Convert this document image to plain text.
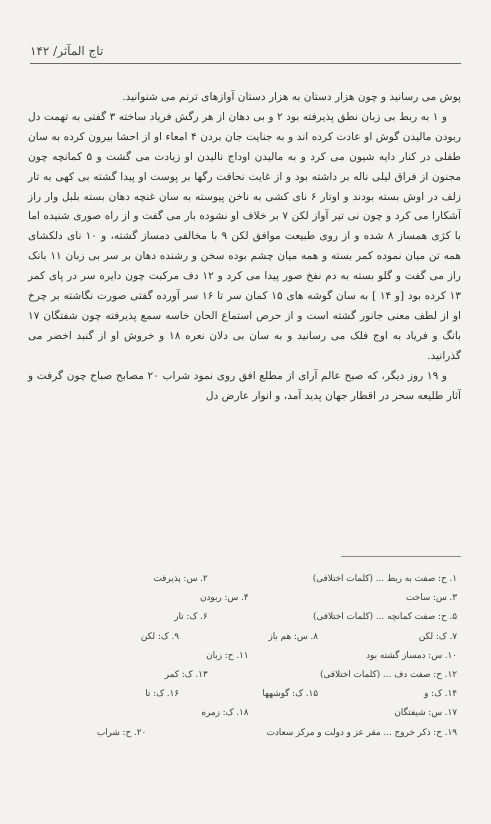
تاج المآثر/ ۱۴۲

پوش می رسانید و چون هزار دستان به هزار دستان آوازهای ترنم می شنوانید.

و ۱ به ربط بی زبان نطق پذیرفته بود ۲ و بی دهان از هر رگش فریاد ساخته ۳ گفتی به تهمت دل ربودن مالیدن گوش او عادت کرده اند و به جنایت جان بردن ۴ امعاء او از احشا بیرون کرده به سان طفلی در کنار دایه شیون می کرد و به مالیدن اوداج نالیدن او زیادت می گشت و ۵ کمانچه چون مجنون از فراق لیلی ناله بر داشته بود و از غایت نحافت رگها بر پوست او پیدا گشته بی کهی به تار زلف در اوش بسته بودند و اوتار ۶ نای کشی به ناخن پیوسته به سان غنچه دهان بسته بلبل وار راز آشکارا می کرد و چون نی تیر آواز لکن ۷ بر خلاف او نشوده بار می گفت و از راه صوری شنیده اما با کژی همساز ۸ شده و از روی طبیعت موافق لکن ۹ با مخالفی دمساز گشته، و ۱۰ نای دلکشای همه تن میان نموده کمر بسته و همه میان چشم بوده سخن و رشنده دهان بر سر بی زبان ۱۱ بانک راز می گفت و گلو بسته به دم نفخ صور پیدا می کرد و ۱۲ دف مرکبت چون دایره سر در پای کمر ۱۳ کرده بود [و ۱۴ ] به سان گوشه های ۱۵ کمان سر تا ۱۶ سر آورده گفتی صورت نگاشته بر چرخ او از لطف معنی جانور گشته است و از حرص استماع الحان خاسه سمع پذیرفته چون شفتگان ۱۷ بانگ و فریاد به اوج فلک می رسانید و به سان بی دلان نعره ۱۸ و خروش او از گنبد اخضر می گذرانید.

و ۱۹ روز دیگر، که صبح عالم آرای از مطلع افق روی نمود شراب ۲۰ مصابح صباح چون گرفت و آثار طلیعه سحر در اقطار جهان پدید آمد، و انوار عارض دل

۱. ح: صفت به ربط ... (کلمات اختلافی)
۲. س: پذیرفت
۳. س: ساخت
۴. س: ربودن
۵. ح: صفت کمانچه ... (کلمات اختلافی)
۶. ک: تار
۷. ک: لکن
۸. س: هم باز
۹. ک: لکن
۱۰. س: دمساز گشته بود
۱۱. ح: زبان
۱۲. ح: صفت دف ... (کلمات اختلافی)
۱۳. ک: کمر
۱۴. ک: و
۱۵. ک: گوشهها
۱۶. ک: تا
۱۷. س: شیفتگان
۱۸. ک: زمره
۱۹. ح: ذکر خروج ... مقر عز و دولت و مرکز سعادت
۲۰. ح: شراب
